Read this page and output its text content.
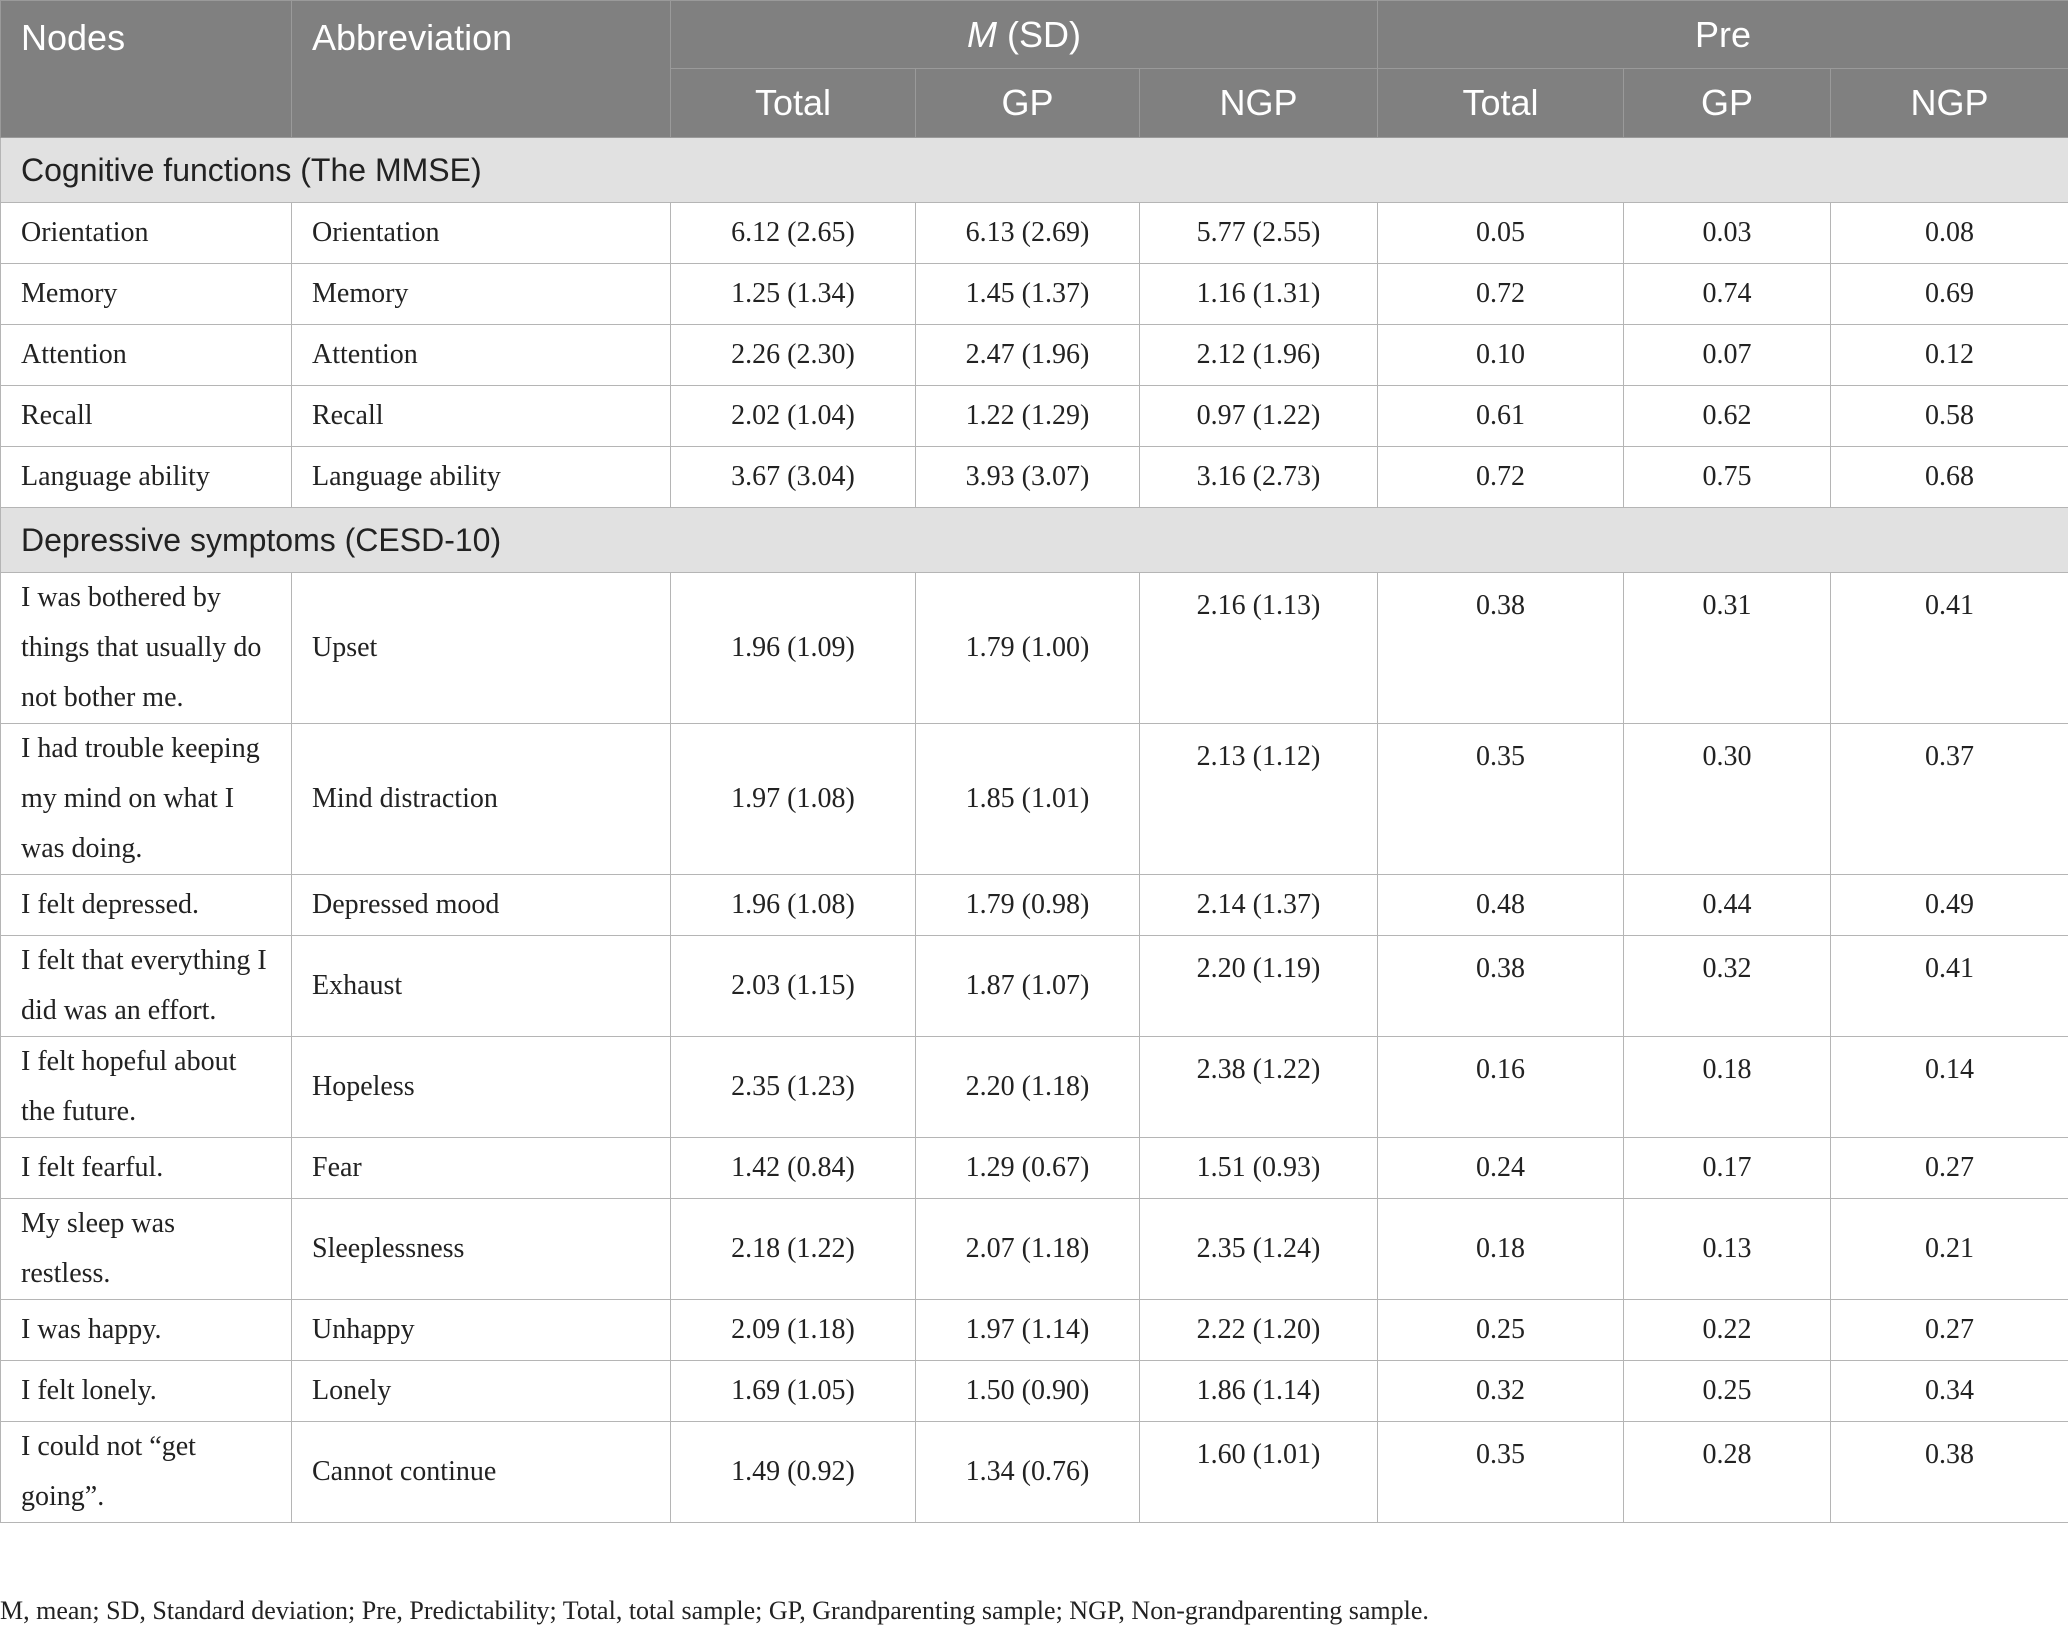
Nodes	Abbreviation	M (SD)			Pre		
		Total	GP	NGP	Total	GP	NGP
Cognitive functions (The MMSE)							
Orientation	Orientation	6.12 (2.65)	6.13 (2.69)	5.77 (2.55)	0.05	0.03	0.08
Memory	Memory	1.25 (1.34)	1.45 (1.37)	1.16 (1.31)	0.72	0.74	0.69
Attention	Attention	2.26 (2.30)	2.47 (1.96)	2.12 (1.96)	0.10	0.07	0.12
Recall	Recall	2.02 (1.04)	1.22 (1.29)	0.97 (1.22)	0.61	0.62	0.58
Language ability	Language ability	3.67 (3.04)	3.93 (3.07)	3.16 (2.73)	0.72	0.75	0.68
Depressive symptoms (CESD-10)							
I was bothered by things that usually do not bother me.	Upset	1.96 (1.09)	1.79 (1.00)	2.16 (1.13)	0.38	0.31	0.41
I had trouble keeping my mind on what I was doing.	Mind distraction	1.97 (1.08)	1.85 (1.01)	2.13 (1.12)	0.35	0.30	0.37
I felt depressed.	Depressed mood	1.96 (1.08)	1.79 (0.98)	2.14 (1.37)	0.48	0.44	0.49
I felt that everything I did was an effort.	Exhaust	2.03 (1.15)	1.87 (1.07)	2.20 (1.19)	0.38	0.32	0.41
I felt hopeful about the future.	Hopeless	2.35 (1.23)	2.20 (1.18)	2.38 (1.22)	0.16	0.18	0.14
I felt fearful.	Fear	1.42 (0.84)	1.29 (0.67)	1.51 (0.93)	0.24	0.17	0.27
My sleep was restless.	Sleeplessness	2.18 (1.22)	2.07 (1.18)	2.35 (1.24)	0.18	0.13	0.21
I was happy.	Unhappy	2.09 (1.18)	1.97 (1.14)	2.22 (1.20)	0.25	0.22	0.27
I felt lonely.	Lonely	1.69 (1.05)	1.50 (0.90)	1.86 (1.14)	0.32	0.25	0.34
I could not “get going”.	Cannot continue	1.49 (0.92)	1.34 (0.76)	1.60 (1.01)	0.35	0.28	0.38
M, mean; SD, Standard deviation; Pre, Predictability; Total, total sample; GP, Grandparenting sample; NGP, Non-grandparenting sample.
